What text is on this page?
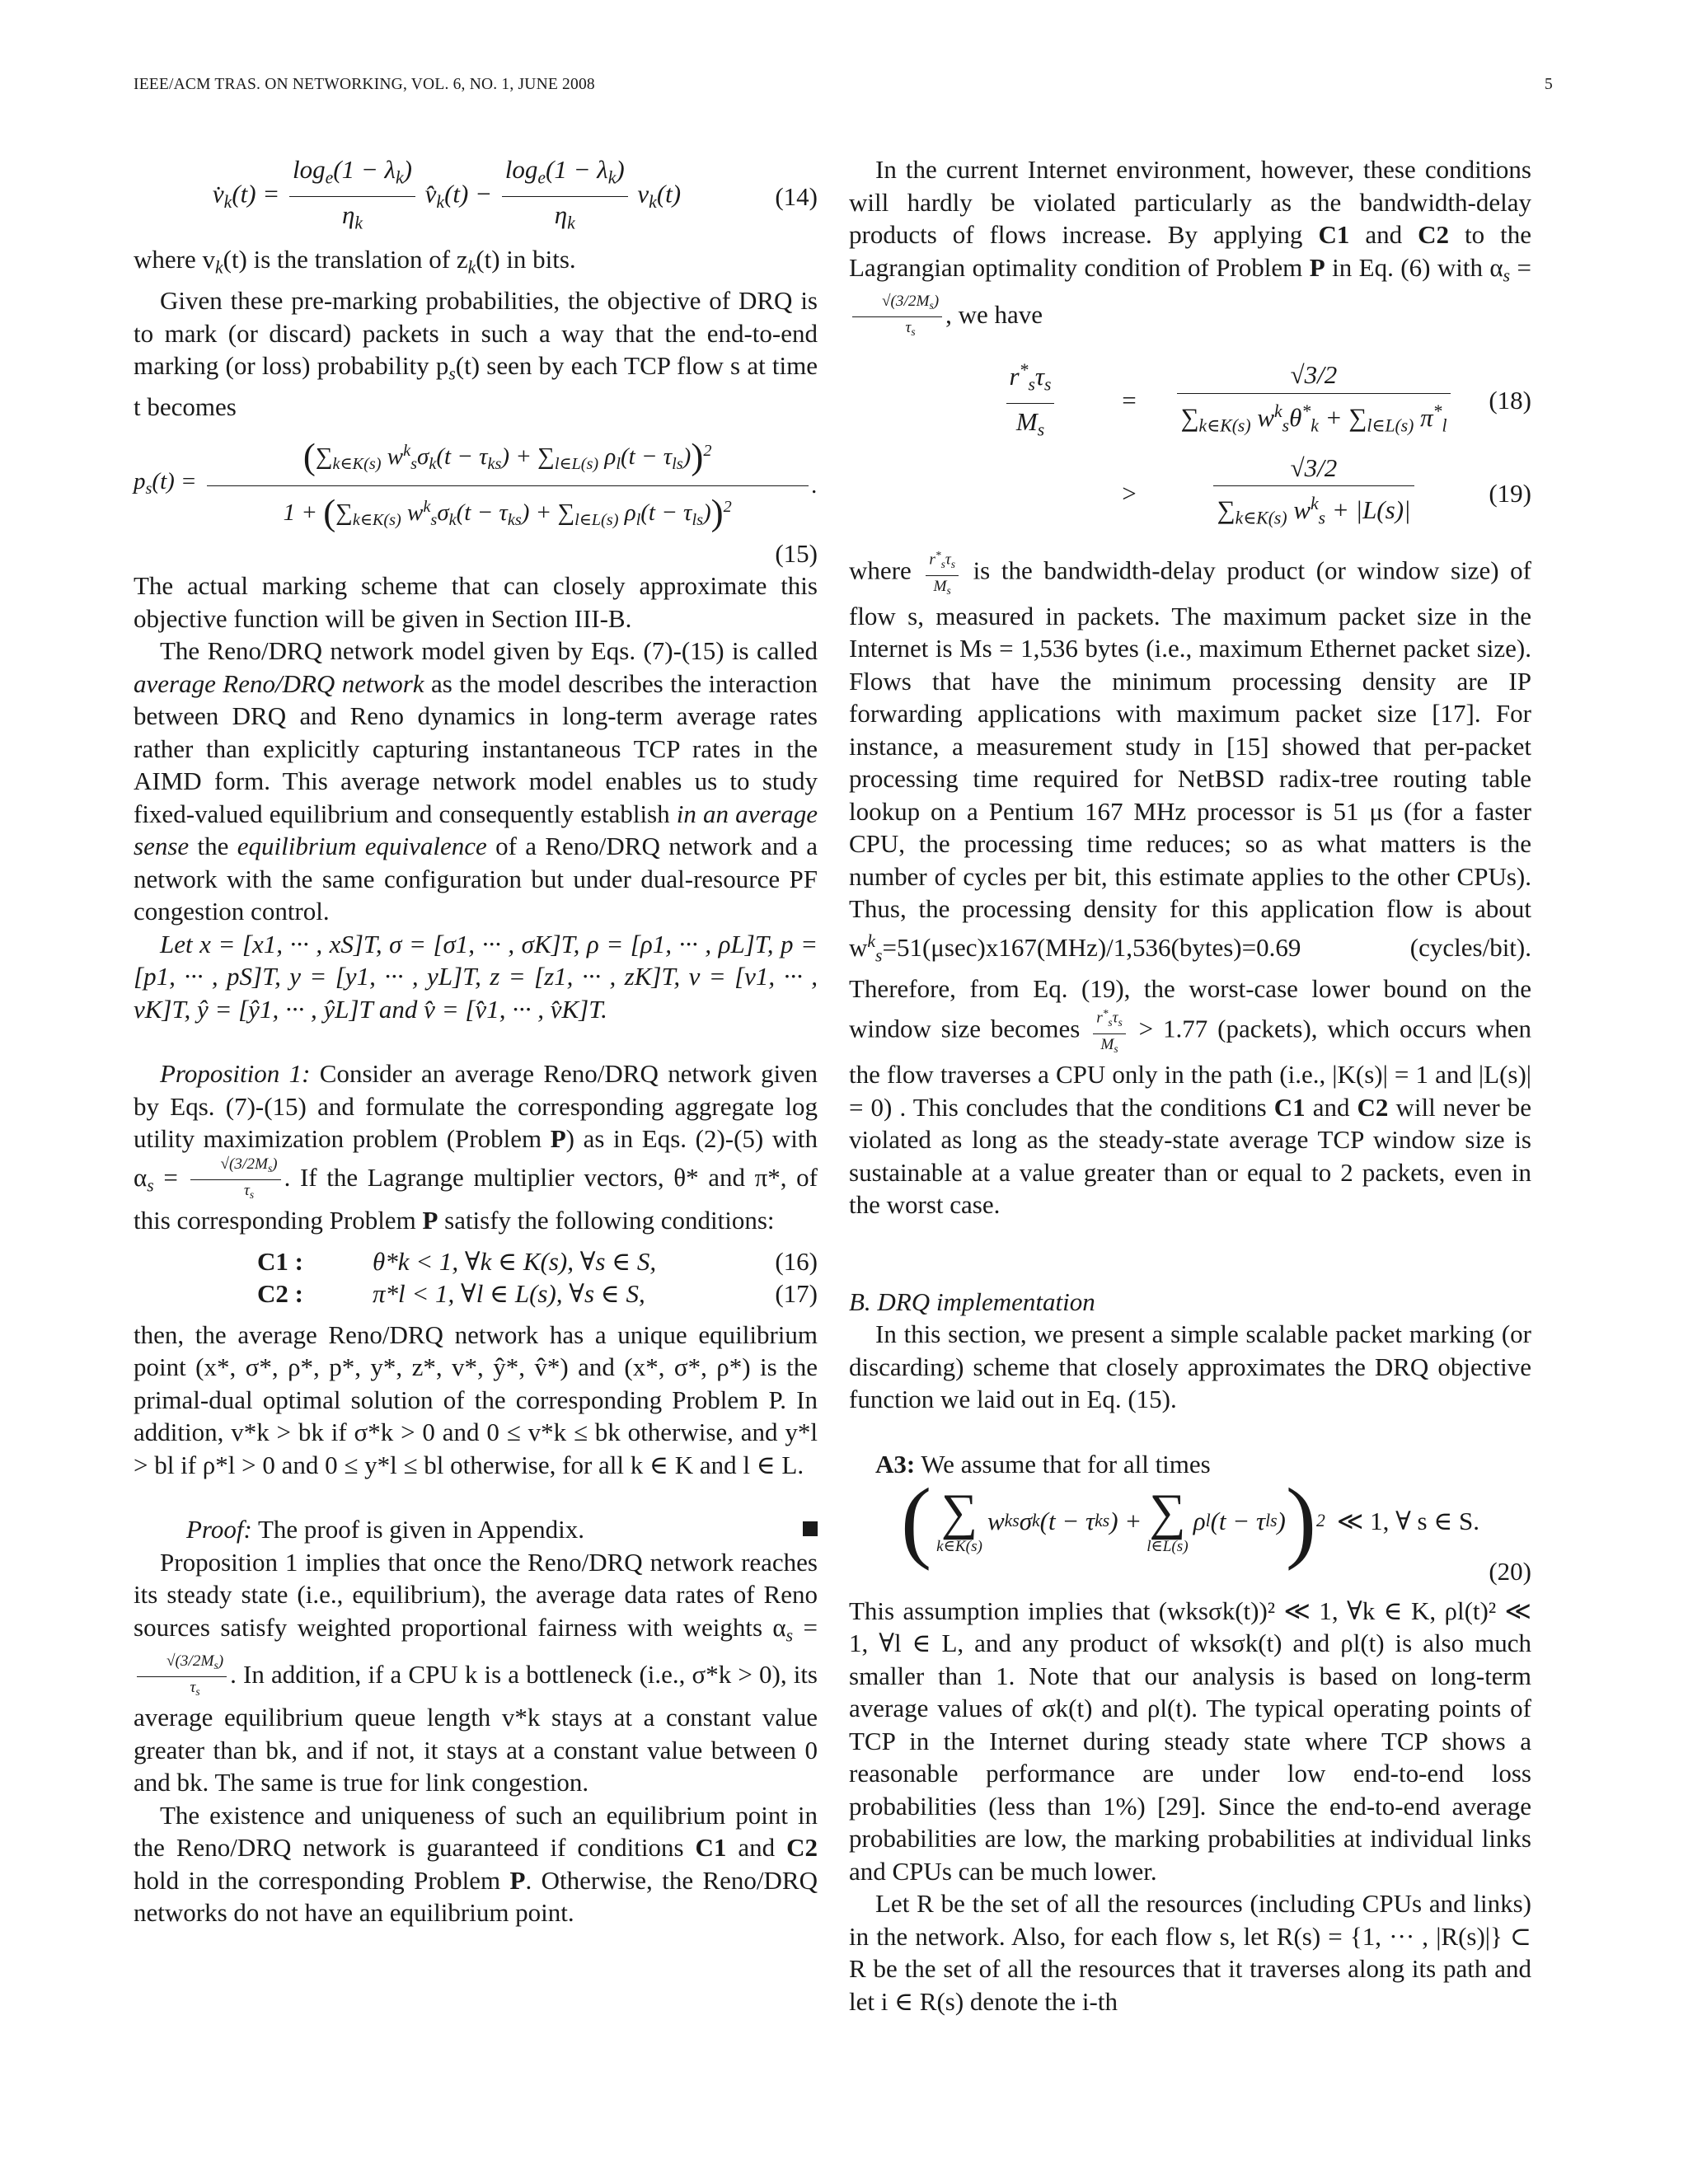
IEEE/ACM TRAS. ON NETWORKING, VOL. 6, NO. 1, JUNE 2008	5
$v̇_k(t) = \frac{\log_e(1 - \lambda_k)}{\eta_k}$ $v̂_k(t) - \frac{\log_e(1 - \lambda_k)}{\eta_k} v_k(t)$	(14)

where $v_k(t)$ is the translation of $z_k(t)$ in bits.

Given these pre-marking probabilities, the objective of DRQ is to mark (or discard) packets in such a way that the end-to-end marking (or loss) probability $p_s(t)$ seen by each TCP flow s at time t becomes

$p_s(t) = \frac{(\sum_{k\in K(s)} w^k_s\sigma_k(t - \tau_{ks}) + \sum_{l\in L(s)} \rho_l(t - \tau_{ls}))^2}{1 + (\sum_{k\in K(s)} w^k_s\sigma_k(t - \tau_{ks}) + \sum_{l\in L(s)} \rho_l(t - \tau_{ls}))^2}$ .
(15)

The actual marking scheme that can closely approximate this objective function will be given in Section III-B.

The Reno/DRQ network model given by Eqs. (7)-(15) is called average Reno/DRQ network as the model describes the interaction between DRQ and Reno dynamics in long-term average rates rather than explicitly capturing instantaneous TCP rates in the AIMD form. This average network model enables us to study fixed-valued equilibrium and consequently establish in an average sense the equilibrium equivalence of a Reno/DRQ network and a network with the same configuration but under dual-resource PF congestion control.

Let x = [x1, ··· , xS]T, σ = [σ1, ··· , σK]T, ρ = [ρ1, ··· , ρL]T, p = [p1, ··· , pS]T, y = [y1, ··· , yL]T, z = [z1, ··· , zK]T, v = [v1, ··· , vK]T, ŷ = [ŷ1, ··· , ŷL]T and v̂ = [v̂1, ··· , v̂K]T.

Proposition 1: Consider an average Reno/DRQ network given by Eqs. (7)-(15) and formulate the corresponding aggregate log utility maximization problem (Problem P) as in Eqs. (2)-(5) with $\alpha_s = \frac{√(3/2M_s)}{\tau_s}$ . If the Lagrange multiplier vectors, θ* and π*, of this corresponding Problem P satisfy the following conditions:

C1 :	θ*k < 1, ∀k ∈ K(s), ∀s ∈ S,	(16)
C2 :	π*l < 1, ∀l ∈ L(s), ∀s ∈ S,	(17)

then, the average Reno/DRQ network has a unique equilibrium point (x*, σ*, ρ*, p*, y*, z*, v*, ŷ*, v̂*) and (x*, σ*, ρ*) is the primal-dual optimal solution of the corresponding Problem P. In addition, v*k > bk if σ*k > 0 and 0 ≤ v*k ≤ bk otherwise, and y*l > bl if ρ*l > 0 and 0 ≤ y*l ≤ bl otherwise, for all k ∈ K and l ∈ L.

Proof: The proof is given in Appendix.

Proposition 1 implies that once the Reno/DRQ network reaches its steady state (i.e., equilibrium), the average data rates of Reno sources satisfy weighted proportional fairness with weights $\alpha_s$ =
$\frac{√(3/2M_s)}{\tau_s}$ . In addition, if a CPU k is a bottleneck (i.e., σ*k > 0), its average equilibrium queue length v*k stays at a constant value greater than bk, and if not, it stays at a constant value between 0 and bk. The same is true for link congestion.

The existence and uniqueness of such an equilibrium point in the Reno/DRQ network is guaranteed if conditions C1 and C2 hold in the corresponding Problem P. Otherwise, the Reno/DRQ networks do not have an equilibrium point.

In the current Internet environment, however, these conditions will hardly be violated particularly as the bandwidth-delay products of flows increase. By applying C1 and C2 to the Lagrangian optimality condition of Problem P in Eq. (6) with $\alpha_s$ =
$\frac{√(3/2M_s)}{\tau_s}$ , we have

$\frac{r^*_s\tau_s}{M_s}$	=	$\frac{√3/2}{\sum_{k\in K(s)} w^k_s\theta^*_k + \sum_{l\in L(s)} \pi^*_l}$	(18)
>	$\frac{√3/2}{\sum_{k\in K(s)} w^k_s + |L(s)|}$	(19)

where $\frac{r^*_s\tau_s}{M_s}$ is the bandwidth-delay product (or window size) of flow s, measured in packets. The maximum packet size in the Internet is Ms = 1,536 bytes (i.e., maximum Ethernet packet size). Flows that have the minimum processing density are IP forwarding applications with maximum packet size [17]. For instance, a measurement study in [15] showed that per-packet processing time required for NetBSD radix-tree routing table lookup on a Pentium 167 MHz processor is 51 μs (for a faster CPU, the processing time reduces; so as what matters is the number of cycles per bit, this estimate applies to the other CPUs). Thus, the processing density for this application flow is about $w^k_s=51(\mu\sec)x167(MHz)/1,536(bytes)=0.69$ (cycles/bit). Therefore, from Eq. (19), the worst-case lower bound on the window size becomes $\frac{r^*_s\tau_s}{M_s} > 1.77$ (packets), which occurs when the flow traverses a CPU only in the path (i.e., |K(s)| = 1 and |L(s)| = 0) . This concludes that the conditions C1 and C2 will never be violated as long as the steady-state average TCP window size is sustainable at a value greater than or equal to 2 packets, even in the worst case.

B. DRQ implementation

In this section, we present a simple scalable packet marking (or discarding) scheme that closely approximates the DRQ objective function we laid out in Eq. (15).

A3: We assume that for all times

( ∑
k∈K(s)
w k s σ k (t − τ ks ) + ∑
l∈L(s)
ρ l (t − τ ls ) ) 2 ≪ 1, ∀ s ∈ S.
(20)

This assumption implies that (wksσk(t))² ≪ 1, ∀k ∈ K, ρl(t)² ≪ 1, ∀l ∈ L, and any product of wksσk(t) and ρl(t) is also much smaller than 1. Note that our analysis is based on long-term average values of σk(t) and ρl(t). The typical operating points of TCP in the Internet during steady state where TCP shows a reasonable performance are under low end-to-end loss probabilities (less than 1%) [29]. Since the end-to-end average probabilities are low, the marking probabilities at individual links and CPUs can be much lower.

Let R be the set of all the resources (including CPUs and links) in the network. Also, for each flow s, let R(s) = {1, ··· , |R(s)|} ⊂ R be the set of all the resources that it traverses along its path and let i ∈ R(s) denote the i-th
